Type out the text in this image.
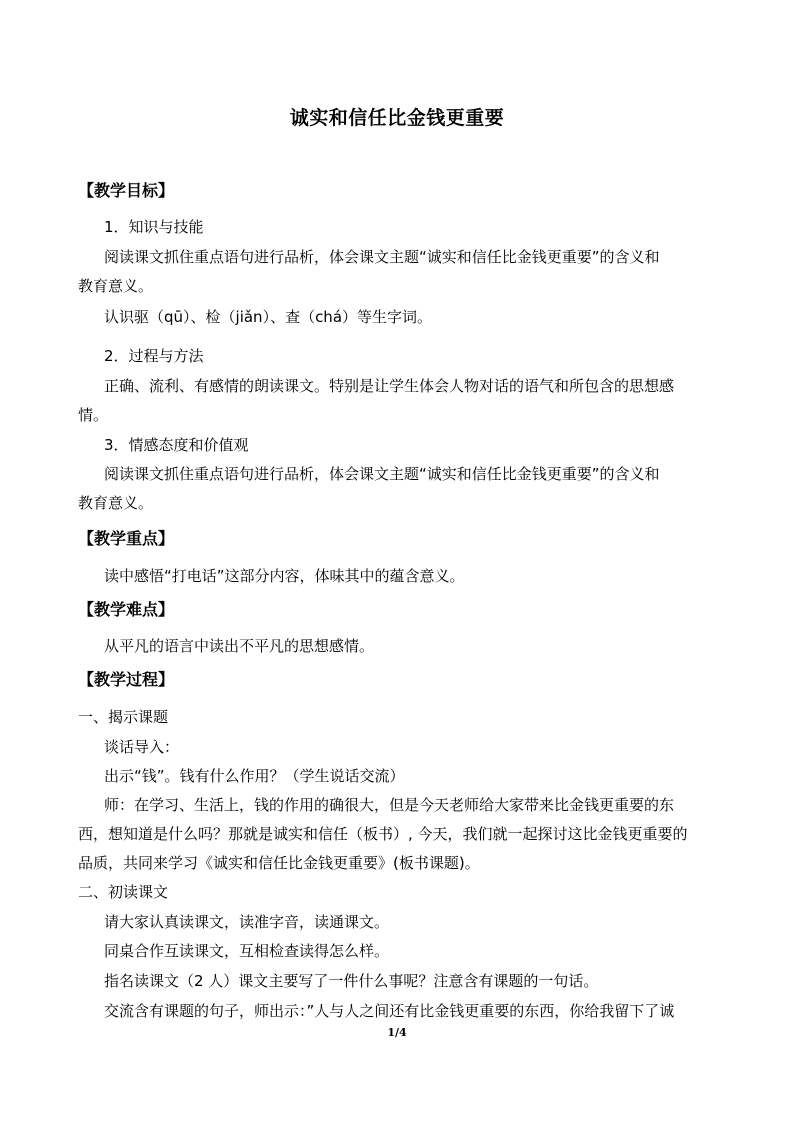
诚实和信任比金钱更重要
【教学目标】
1．知识与技能
阅读课文抓住重点语句进行品析，体会课文主题“诚实和信任比金钱更重要”的含义和
教育意义。
认识驱（qū）、检（jiǎn）、查（chá）等生字词。
2．过程与方法
正确、流利、有感情的朗读课文。特别是让学生体会人物对话的语气和所包含的思想感
情。
3．情感态度和价值观
阅读课文抓住重点语句进行品析，体会课文主题“诚实和信任比金钱更重要”的含义和
教育意义。
【教学重点】
读中感悟“打电话”这部分内容，体味其中的蕴含意义。
【教学难点】
从平凡的语言中读出不平凡的思想感情。
【教学过程】
一、揭示课题
谈话导入：
出示“钱”。钱有什么作用？（学生说话交流）
师：在学习、生活上，钱的作用的确很大，但是今天老师给大家带来比金钱更重要的东
西，想知道是什么吗？那就是诚实和信任（板书）, 今天，我们就一起探讨这比金钱更重要的
品质，共同来学习《诚实和信任比金钱更重要》(板书课题)。
二、初读课文
请大家认真读课文，读准字音，读通课文。
同桌合作互读课文，互相检查读得怎么样。
指名读课文（2 人）课文主要写了一件什么事呢？注意含有课题的一句话。
交流含有课题的句子，师出示：”人与人之间还有比金钱更重要的东西，你给我留下了诚
1/4
